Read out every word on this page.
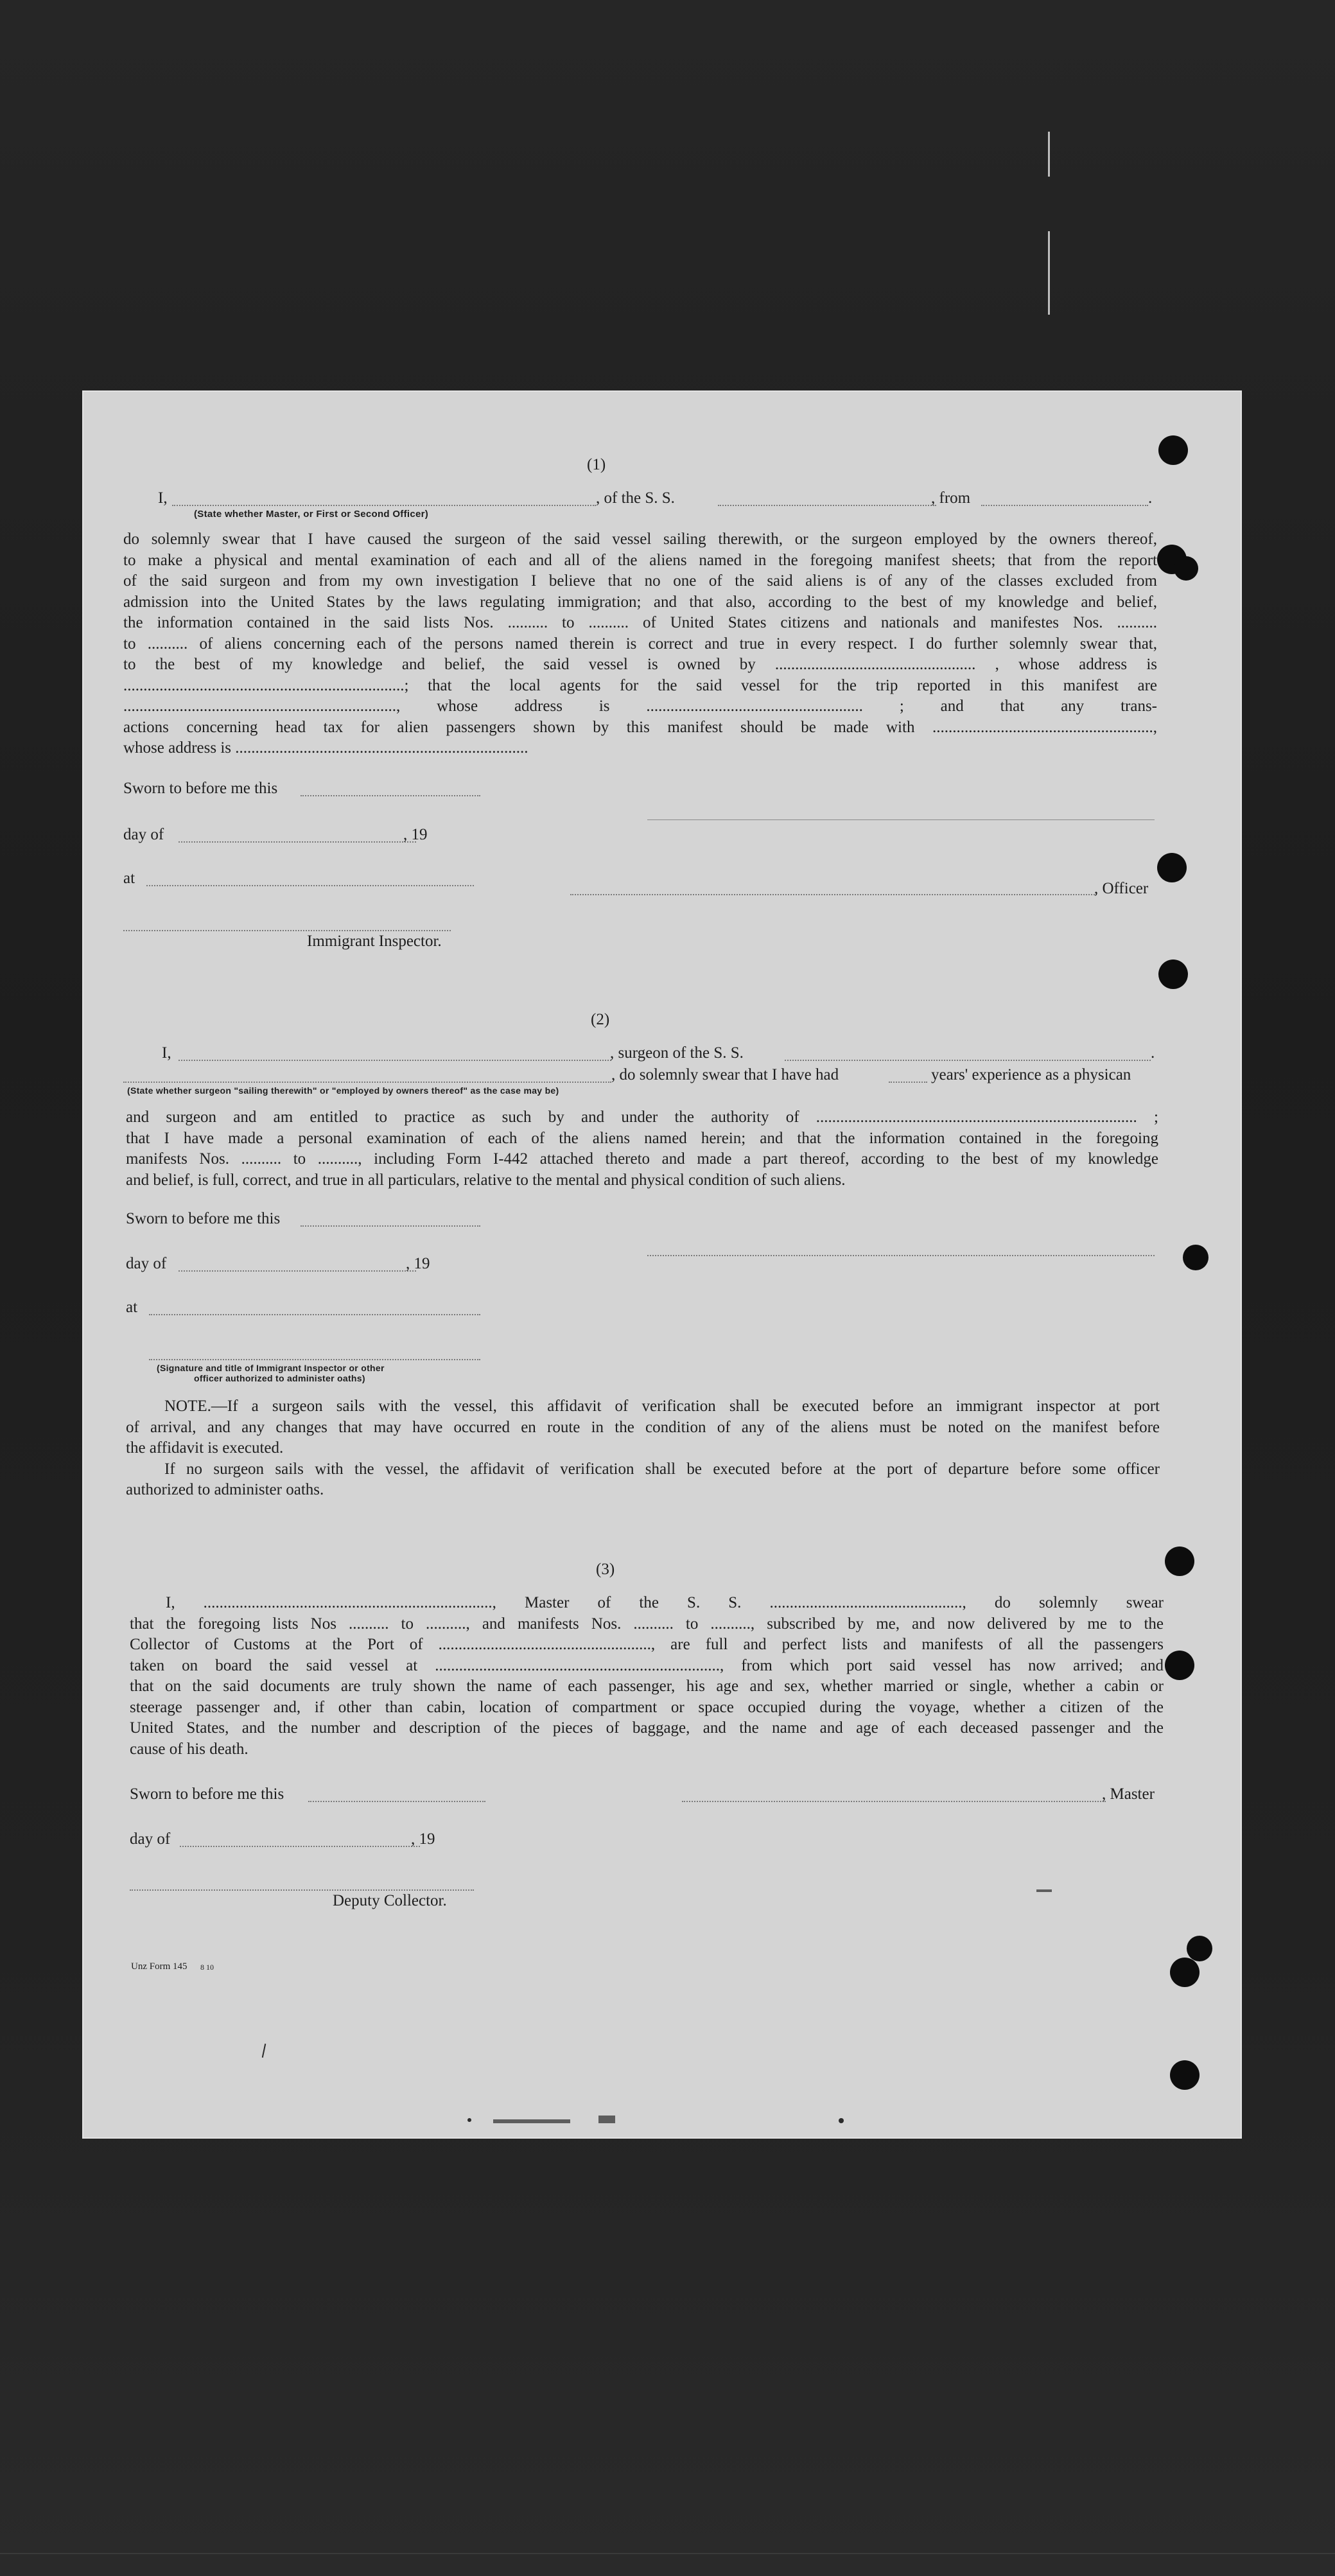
(1)
I,	, of the S. S.	, from	.
(State whether Master, or First or Second Officer)
do solemnly swear that I have caused the surgeon of the said vessel sailing therewith, or the surgeon employed by the owners thereof,
to make a physical and mental examination of each and all of the aliens named in the foregoing manifest sheets; that from the report
of the said surgeon and from my own investigation I believe that no one of the said aliens is of any of the classes excluded from
admission into the United States by the laws regulating immigration; and that also, according to the best of my knowledge and belief,
the information contained in the said lists Nos. .......... to .......... of United States citizens and nationals and manifestes Nos. ..........
to .......... of aliens concerning each of the persons named therein is correct and true in every respect. I do further solemnly swear that,
to the best of my knowledge and belief, the said vessel is owned by .................................................. , whose address is
......................................................................; that the local agents for the said vessel for the trip reported in this manifest are
...................................................................., whose address is ...................................................... ; and that any trans-
actions concerning head tax for alien passengers shown by this manifest should be made with .......................................................,
whose address is .........................................................................
Sworn to before me this
day of	, 19
at
, Officer
Immigrant Inspector.
(2)
I,	, surgeon of the S. S.	.
, do solemnly swear that I have had	years' experience as a physican
(State whether surgeon "sailing therewith" or "employed by owners thereof" as the case may be)
and surgeon and am entitled to practice as such by and under the authority of ................................................................................ ;
that I have made a personal examination of each of the aliens named herein; and that the information contained in the foregoing
manifests Nos. .......... to .........., including Form I-442 attached thereto and made a part thereof, according to the best of my knowledge
and belief, is full, correct, and true in all particulars, relative to the mental and physical condition of such aliens.
Sworn to before me this
day of	, 19
at
(Signature and title of Immigrant Inspector or other
officer authorized to administer oaths)
NOTE.—If a surgeon sails with the vessel, this affidavit of verification shall be executed before an immigrant inspector at port
of arrival, and any changes that may have occurred en route in the condition of any of the aliens must be noted on the manifest before
the affidavit is executed.
If no surgeon sails with the vessel, the affidavit of verification shall be executed before at the port of departure before some officer
authorized to administer oaths.
(3)
I, ........................................................................, Master of the S. S. ................................................, do solemnly swear
that the foregoing lists Nos .......... to .........., and manifests Nos. .......... to .........., subscribed by me, and now delivered by me to the
Collector of Customs at the Port of ....................................................., are full and perfect lists and manifests of all the passengers
taken on board the said vessel at ......................................................................., from which port said vessel has now arrived; and
that on the said documents are truly shown the name of each passenger, his age and sex, whether married or single, whether a cabin or
steerage passenger and, if other than cabin, location of compartment or space occupied during the voyage, whether a citizen of the
United States, and the number and description of the pieces of baggage, and the name and age of each deceased passenger and the
cause of his death.
Sworn to before me this	, Master
day of	, 19
Deputy Collector.
Unz Form 145 8 10
